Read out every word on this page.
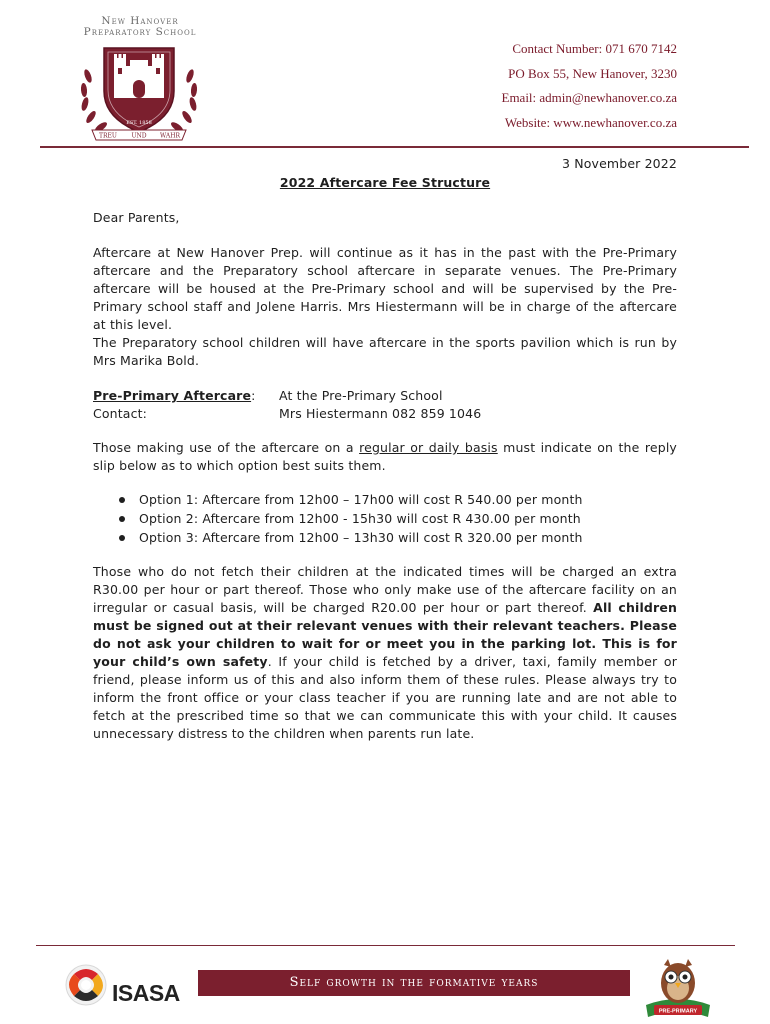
New Hanover
Preparatory School
EST. 1858
TREU UND WAHR
Contact Number: 071 670 7142
PO Box 55, New Hanover, 3230
Email: admin@newhanover.co.za
Website: www.newhanover.co.za
3 November 2022
2022 Aftercare Fee Structure
Dear Parents,
Aftercare at New Hanover Prep. will continue as it has in the past with the Pre-Primary aftercare and the Preparatory school aftercare in separate venues. The Pre-Primary aftercare will be housed at the Pre-Primary school and will be supervised by the Pre-Primary school staff and Jolene Harris. Mrs Hiestermann will be in charge of the aftercare at this level.
The Preparatory school children will have aftercare in the sports pavilion which is run by Mrs Marika Bold.
Pre-Primary Aftercare:	At the Pre-Primary School
Contact:	Mrs Hiestermann 082 859 1046
Those making use of the aftercare on a regular or daily basis must indicate on the reply slip below as to which option best suits them.
Option 1: Aftercare from 12h00 – 17h00 will cost R 540.00 per month
Option 2: Aftercare from 12h00 - 15h30 will cost R 430.00 per month
Option 3: Aftercare from 12h00 – 13h30 will cost R 320.00 per month
Those who do not fetch their children at the indicated times will be charged an extra R30.00 per hour or part thereof. Those who only make use of the aftercare facility on an irregular or casual basis, will be charged R20.00 per hour or part thereof. All children must be signed out at their relevant venues with their relevant teachers. Please do not ask your children to wait for or meet you in the parking lot. This is for your child’s own safety. If your child is fetched by a driver, taxi, family member or friend, please inform us of this and also inform them of these rules. Please always try to inform the front office or your class teacher if you are running late and are not able to fetch at the prescribed time so that we can communicate this with your child. It causes unnecessary distress to the children when parents run late.
ISASA	Self growth in the formative years
PRE-PRIMARY
